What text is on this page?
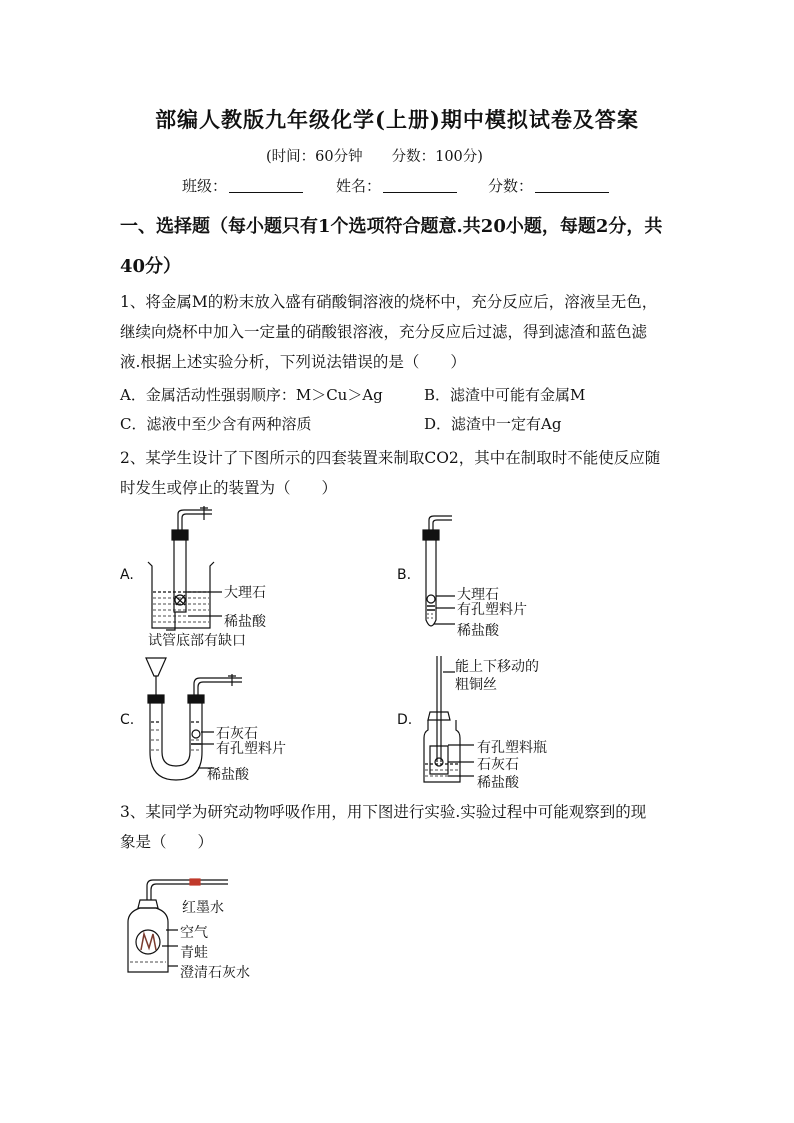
部编人教版九年级化学(上册)期中模拟试卷及答案
(时间：60分钟　　分数：100分)
班级：	姓名：	分数：
一、选择题（每小题只有1个选项符合题意.共20小题，每题2分，共
40分）
1、将金属M的粉末放入盛有硝酸铜溶液的烧杯中，充分反应后，溶液呈无色，
继续向烧杯中加入一定量的硝酸银溶液，充分反应后过滤，得到滤渣和蓝色滤
液.根据上述实验分析，下列说法错误的是（　　）
A．金属活动性强弱顺序：M＞Cu＞Ag	B．滤渣中可能有金属M
C．滤液中至少含有两种溶质	D．滤渣中一定有Ag
2、某学生设计了下图所示的四套装置来制取CO2，其中在制取时不能使反应随
时发生或停止的装置为（　　）
A.
大理石
稀盐酸
试管底部有缺口
B.
大理石
有孔塑料片
稀盐酸
C.
石灰石
有孔塑料片
稀盐酸
D.
能上下移动的
粗铜丝
有孔塑料瓶
石灰石
稀盐酸
3、某同学为研究动物呼吸作用，用下图进行实验.实验过程中可能观察到的现
象是（　　）
红墨水
空气
青蛙
澄清石灰水
